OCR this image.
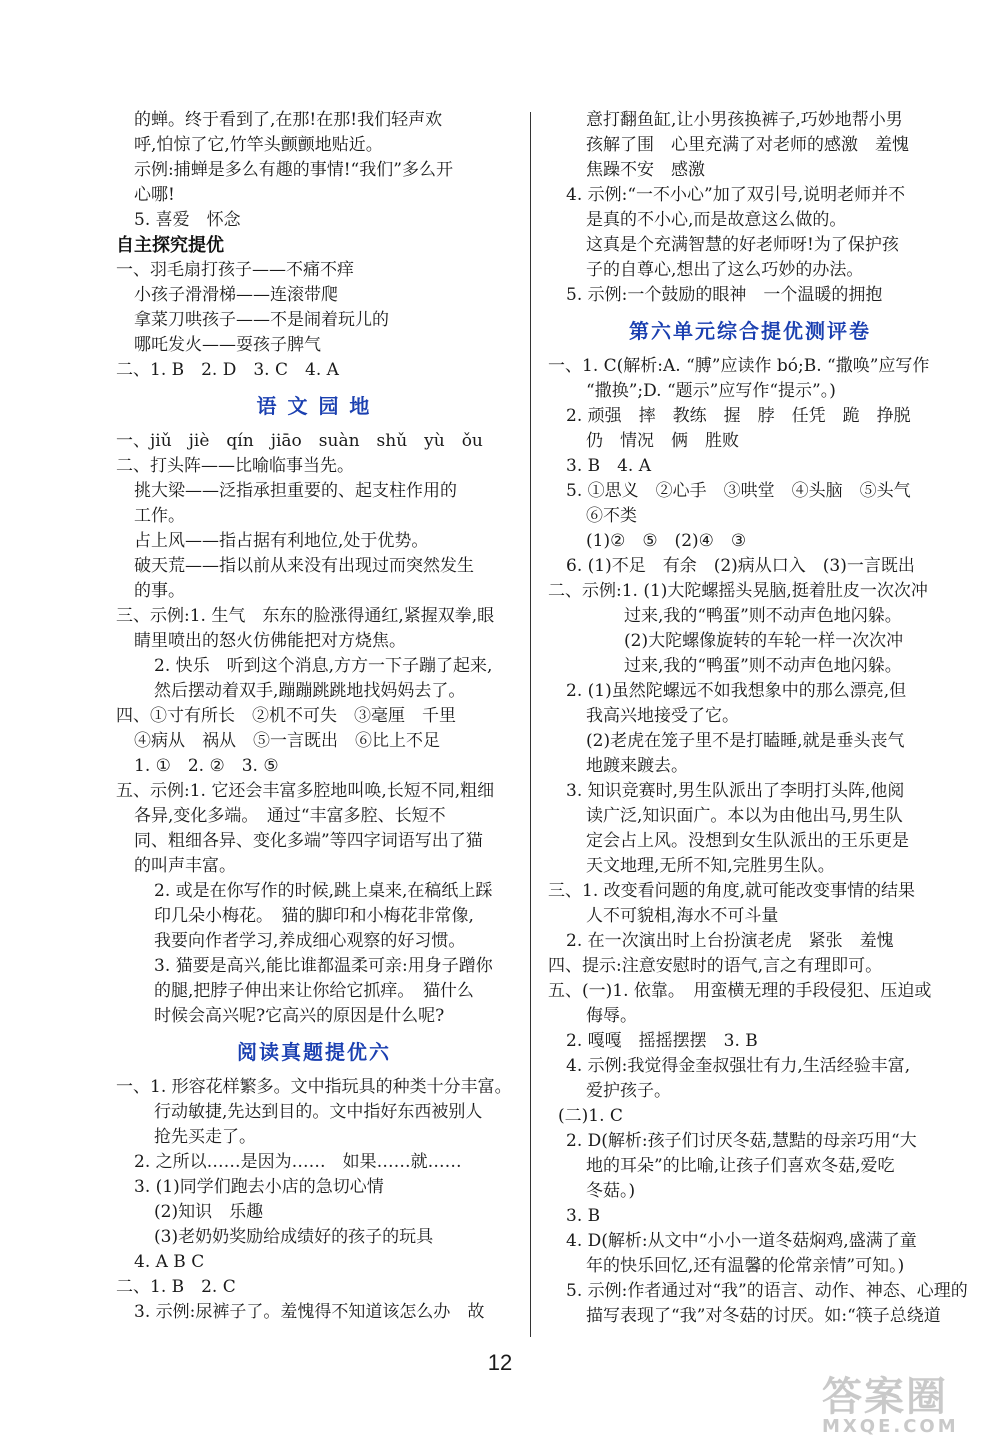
的蝉。终于看到了,在那!在那!我们轻声欢
呼,怕惊了它,竹竿头颤颤地贴近。
示例:捕蝉是多么有趣的事情!“我们”多么开
心哪!
5. 喜爱　怀念
自主探究提优
一、羽毛扇打孩子——不痛不痒
小孩子滑滑梯——连滚带爬
拿菜刀哄孩子——不是闹着玩儿的
哪吒发火——耍孩子脾气
二、1. B　2. D　3. C　4. A
语 文 园 地
一、jiǔ　jiè　qín　jiāo　suàn　shǔ　yù　ǒu
二、打头阵——比喻临事当先。
挑大梁——泛指承担重要的、起支柱作用的
工作。
占上风——指占据有利地位,处于优势。
破天荒——指以前从来没有出现过而突然发生
的事。
三、示例:1. 生气　东东的脸涨得通红,紧握双拳,眼
睛里喷出的怒火仿佛能把对方烧焦。
2. 快乐　听到这个消息,方方一下子蹦了起来,
然后摆动着双手,蹦蹦跳跳地找妈妈去了。
四、①寸有所长　②机不可失　③毫厘　千里
④病从　祸从　⑤一言既出　⑥比上不足
1. ①　2. ②　3. ⑤
五、示例:1. 它还会丰富多腔地叫唤,长短不同,粗细
各异,变化多端。　通过“丰富多腔、长短不
同、粗细各异、变化多端”等四字词语写出了猫
的叫声丰富。
2. 或是在你写作的时候,跳上桌来,在稿纸上踩
印几朵小梅花。　猫的脚印和小梅花非常像,
我要向作者学习,养成细心观察的好习惯。
3. 猫要是高兴,能比谁都温柔可亲:用身子蹭你
的腿,把脖子伸出来让你给它抓痒。　猫什么
时候会高兴呢?它高兴的原因是什么呢?
阅读真题提优六
一、1. 形容花样繁多。文中指玩具的种类十分丰富。
行动敏捷,先达到目的。文中指好东西被别人
抢先买走了。
2. 之所以……是因为……　如果……就……
3. (1)同学们跑去小店的急切心情
(2)知识　乐趣
(3)老奶奶奖励给成绩好的孩子的玩具
4. A B C
二、1. B　2. C
3. 示例:尿裤子了。羞愧得不知道该怎么办　故
意打翻鱼缸,让小男孩换裤子,巧妙地帮小男
孩解了围　心里充满了对老师的感激　羞愧
焦躁不安　感激
4. 示例:“一不小心”加了双引号,说明老师并不
是真的不小心,而是故意这么做的。
这真是个充满智慧的好老师呀!为了保护孩
子的自尊心,想出了这么巧妙的办法。
5. 示例:一个鼓励的眼神　一个温暖的拥抱
第六单元综合提优测评卷
一、1. C(解析:A. “膊”应读作 bó;B. “撒唤”应写作
“撒换”;D. “题示”应写作“提示”。)
2. 顽强　摔　教练　握　脖　任凭　跪　挣脱
仍　情况　俩　胜败
3. B　4. A
5. ①思义　②心手　③哄堂　④头脑　⑤头气
⑥不类
(1)②　⑤　(2)④　③
6. (1)不足　有余　(2)病从口入　(3)一言既出
二、示例:1. (1)大陀螺摇头晃脑,挺着肚皮一次次冲
过来,我的“鸭蛋”则不动声色地闪躲。
(2)大陀螺像旋转的车轮一样一次次冲
过来,我的“鸭蛋”则不动声色地闪躲。
2. (1)虽然陀螺远不如我想象中的那么漂亮,但
我高兴地接受了它。
(2)老虎在笼子里不是打瞌睡,就是垂头丧气
地踱来踱去。
3. 知识竞赛时,男生队派出了李明打头阵,他阅
读广泛,知识面广。本以为由他出马,男生队
定会占上风。没想到女生队派出的王乐更是
天文地理,无所不知,完胜男生队。
三、1. 改变看问题的角度,就可能改变事情的结果
人不可貌相,海水不可斗量
2. 在一次演出时上台扮演老虎　紧张　羞愧
四、提示:注意安慰时的语气,言之有理即可。
五、(一)1. 依靠。　用蛮横无理的手段侵犯、压迫或
侮辱。
2. 嘎嘎　摇摇摆摆　3. B
4. 示例:我觉得金奎叔强壮有力,生活经验丰富,
爱护孩子。
(二)1. C
2. D(解析:孩子们讨厌冬菇,慧黠的母亲巧用“大
地的耳朵”的比喻,让孩子们喜欢冬菇,爱吃
冬菇。)
3. B
4. D(解析:从文中“小小一道冬菇焖鸡,盛满了童
年的快乐回忆,还有温馨的伦常亲情”可知。)
5. 示例:作者通过对“我”的语言、动作、神态、心理的
描写表现了“我”对冬菇的讨厌。如:“筷子总绕道
12
答案圈
MXQE.COM
